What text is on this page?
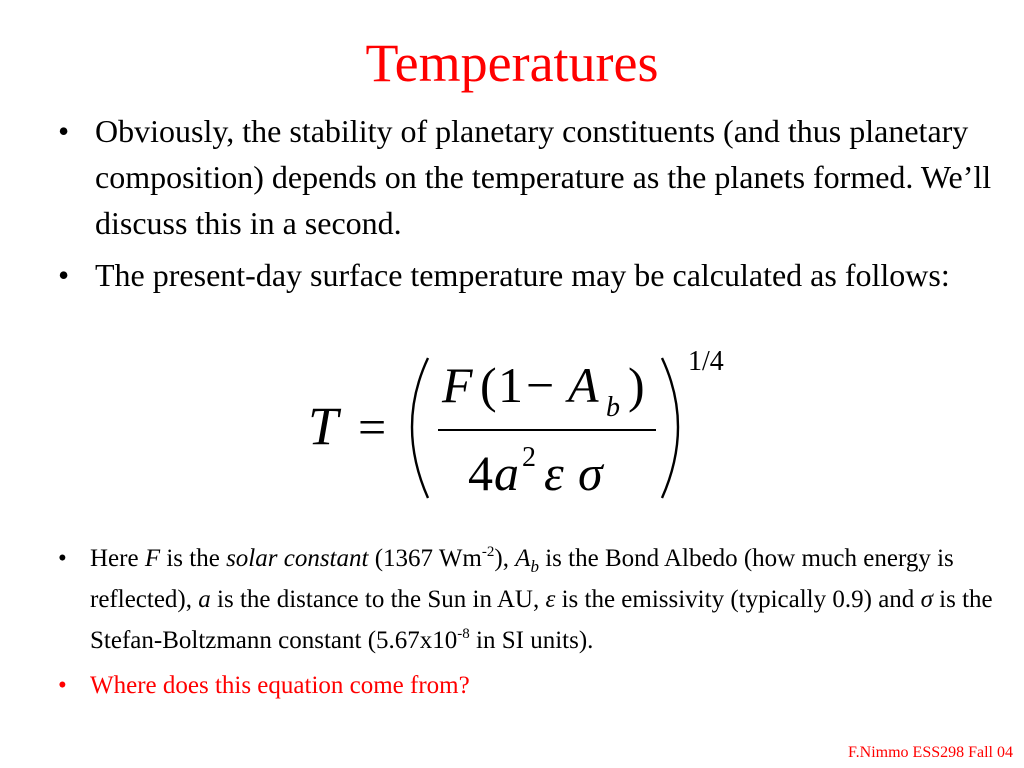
Temperatures
• Obviously, the stability of planetary constituents (and thus planetary composition) depends on the temperature as the planets formed. We’ll discuss this in a second.
• The present-day surface temperature may be calculated as follows:
T =
F ( 1 − A b )
4 a 2 ε σ
1/4
• Here F is the solar constant (1367 $Wm^{-2}$), $A_b$ is the Bond Albedo (how much energy is reflected), a is the distance to the Sun in AU, ε is the emissivity (typically 0.9) and σ is the Stefan-Boltzmann constant ($5.67x10^{-8}$ in SI units).
• Where does this equation come from?
F.Nimmo ESS298 Fall 04
